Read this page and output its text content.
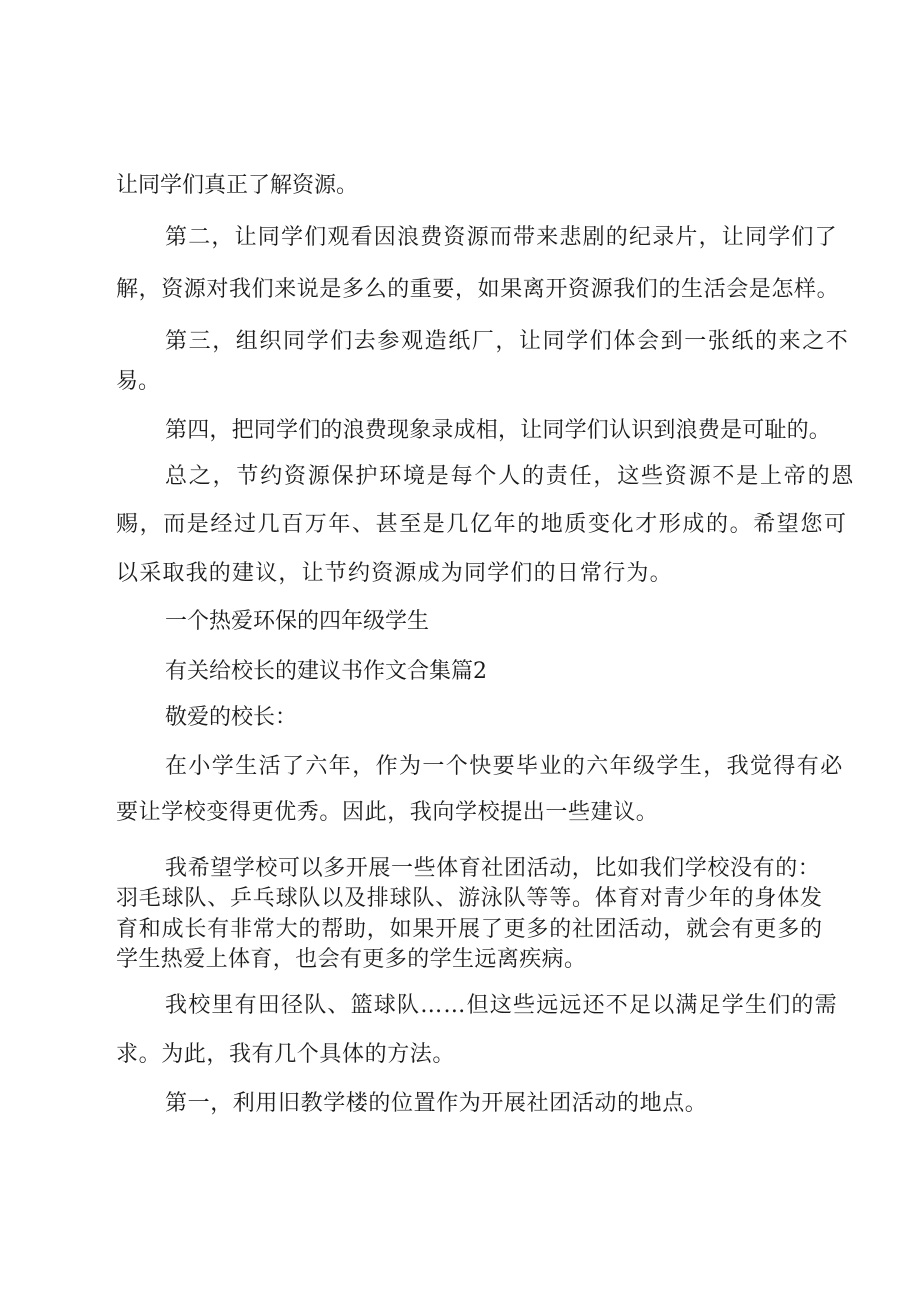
让同学们真正了解资源。
第二，让同学们观看因浪费资源而带来悲剧的纪录片，让同学们了
解，资源对我们来说是多么的重要，如果离开资源我们的生活会是怎样。
第三，组织同学们去参观造纸厂，让同学们体会到一张纸的来之不
易。
第四，把同学们的浪费现象录成相，让同学们认识到浪费是可耻的。
总之，节约资源保护环境是每个人的责任，这些资源不是上帝的恩
赐，而是经过几百万年、甚至是几亿年的地质变化才形成的。希望您可
以采取我的建议，让节约资源成为同学们的日常行为。
一个热爱环保的四年级学生
有关给校长的建议书作文合集篇2
敬爱的校长：
在小学生活了六年，作为一个快要毕业的六年级学生，我觉得有必
要让学校变得更优秀。因此，我向学校提出一些建议。
我希望学校可以多开展一些体育社团活动，比如我们学校没有的：
羽毛球队、乒乓球队以及排球队、游泳队等等。体育对青少年的身体发
育和成长有非常大的帮助，如果开展了更多的社团活动，就会有更多的
学生热爱上体育，也会有更多的学生远离疾病。
我校里有田径队、篮球队……但这些远远还不足以满足学生们的需
求。为此，我有几个具体的方法。
第一，利用旧教学楼的位置作为开展社团活动的地点。
